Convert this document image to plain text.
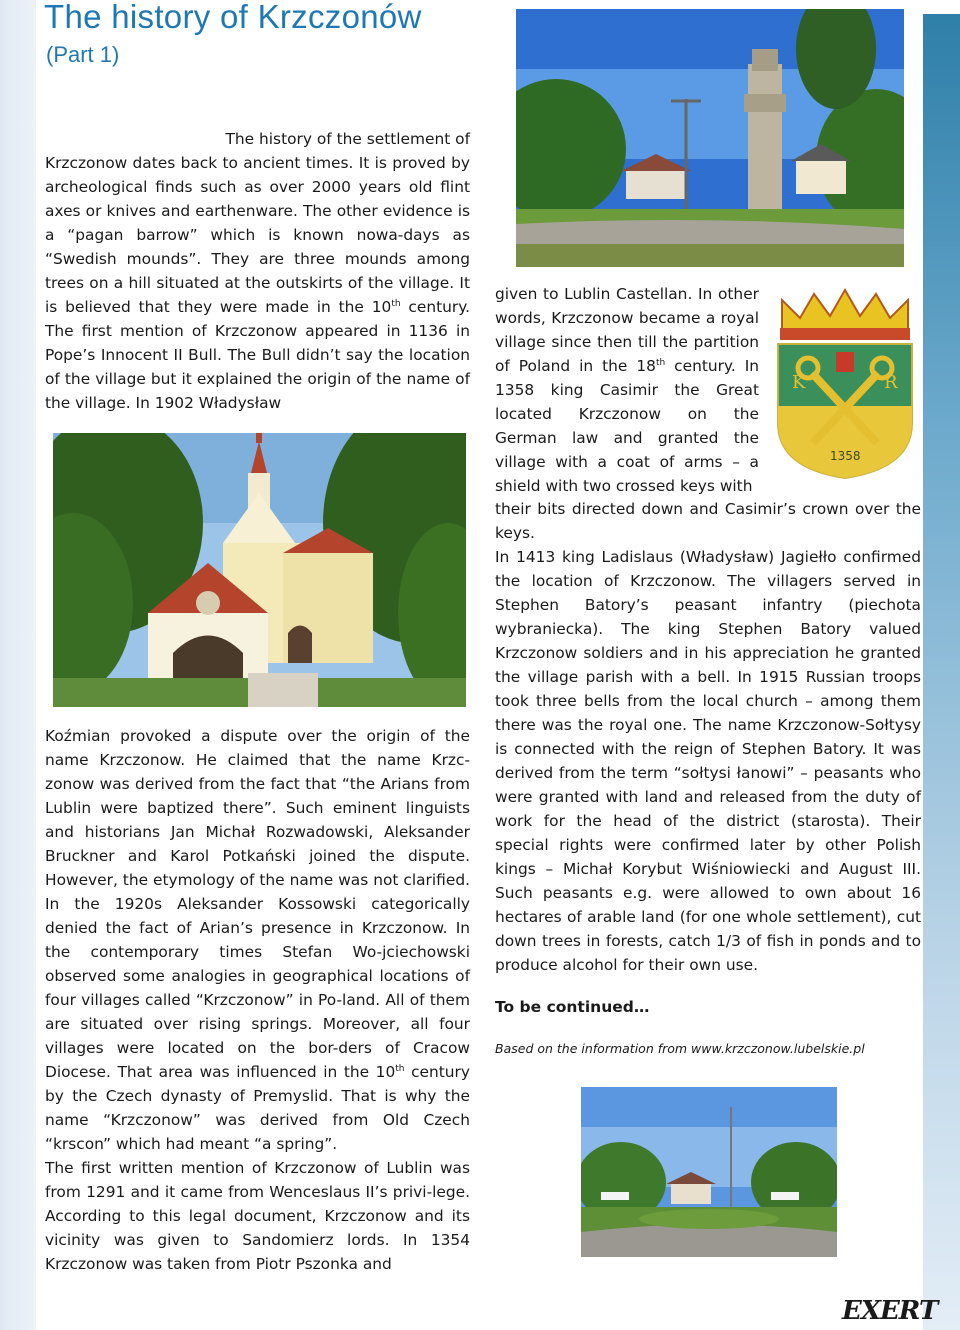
The history of Krzczonów
(Part 1)

The history of the settlement of

Krzczonow dates back to ancient times. It is proved by archeological finds such as over 2000 years old flint axes or knives and earthenware. The other evidence is a “pagan barrow” which is known nowa-days as “Swedish mounds”. They are three mounds among trees on a hill situated at the outskirts of the village. It is believed that they were made in the 10th century. The first mention of Krzczonow appeared in 1136 in Pope’s Innocent II Bull. The Bull didn’t say the location of the village but it explained the origin of the name of the village. In 1902 Władysław

Koźmian provoked a dispute over the origin of the name Krzczonow. He claimed that the name Krzc-zonow was derived from the fact that “the Arians from Lublin were baptized there”. Such eminent linguists and historians Jan Michał Rozwadowski, Aleksander Bruckner and Karol Potkański joined the dispute. However, the etymology of the name was not clarified. In the 1920s Aleksander Kossowski categorically denied the fact of Arian’s presence in Krzczonow. In the contemporary times Stefan Wo-jciechowski observed some analogies in geographical locations of four villages called “Krzczonow” in Po-land. All of them are situated over rising springs. Moreover, all four villages were located on the bor-ders of Cracow Diocese. That area was influenced in the 10th century by the Czech dynasty of Premyslid. That is why the name “Krzczonow” was derived from Old Czech “krscon” which had meant “a spring”.

The first written mention of Krzczonow of Lublin was from 1291 and it came from Wenceslaus II’s privi-lege. According to this legal document, Krzczonow and its vicinity was given to Sandomierz lords. In 1354 Krzczonow was taken from Piotr Pszonka and

K	R
1358

given to Lublin Castellan. In other words, Krzczonow became a royal village since then till the partition of Poland in the 18th century. In 1358 king Casimir the Great located Krzczonow on the German law and granted the village with a coat of arms – a shield with two crossed keys with

their bits directed down and Casimir’s crown over the keys.

In 1413 king Ladislaus (Władysław) Jagiełło confirmed the location of Krzczonow. The villagers served in Stephen Batory’s peasant infantry (piechota wybraniecka). The king Stephen Batory valued Krzczonow soldiers and in his appreciation he granted the village parish with a bell. In 1915 Russian troops took three bells from the local church – among them there was the royal one. The name Krzczonow-Sołtysy is connected with the reign of Stephen Batory. It was derived from the term “sołtysi łanowi” – peasants who were granted with land and released from the duty of work for the head of the district (starosta). Their special rights were confirmed later by other Polish kings – Michał Korybut Wiśniowiecki and August III. Such peasants e.g. were allowed to own about 16 hectares of arable land (for one whole settlement), cut down trees in forests, catch 1/3 of fish in ponds and to produce alcohol for their own use.

To be continued…
Based on the information from www.krzczonow.lubelskie.pl
EXERT
